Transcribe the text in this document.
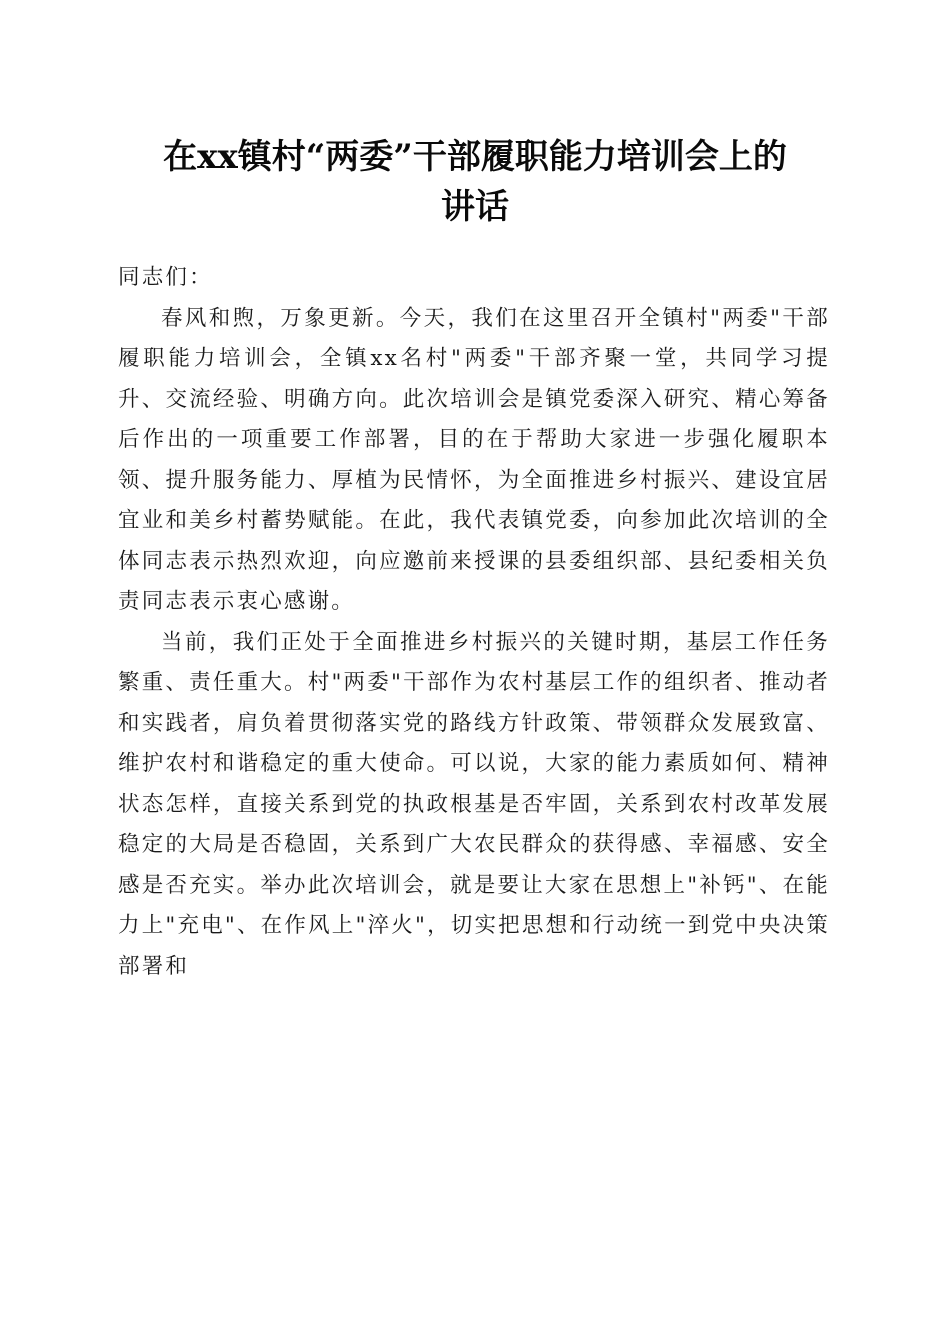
在xx镇村“两委”干部履职能力培训会上的
讲话

同志们：

春风和煦，万象更新。今天，我们在这里召开全镇村"两委"干部履职能力培训会，全镇xx名村"两委"干部齐聚一堂，共同学习提升、交流经验、明确方向。此次培训会是镇党委深入研究、精心筹备后作出的一项重要工作部署，目的在于帮助大家进一步强化履职本领、提升服务能力、厚植为民情怀，为全面推进乡村振兴、建设宜居宜业和美乡村蓄势赋能。在此，我代表镇党委，向参加此次培训的全体同志表示热烈欢迎，向应邀前来授课的县委组织部、县纪委相关负责同志表示衷心感谢。

当前，我们正处于全面推进乡村振兴的关键时期，基层工作任务繁重、责任重大。村"两委"干部作为农村基层工作的组织者、推动者和实践者，肩负着贯彻落实党的路线方针政策、带领群众发展致富、维护农村和谐稳定的重大使命。可以说，大家的能力素质如何、精神状态怎样，直接关系到党的执政根基是否牢固，关系到农村改革发展稳定的大局是否稳固，关系到广大农民群众的获得感、幸福感、安全感是否充实。举办此次培训会，就是要让大家在思想上"补钙"、在能力上"充电"、在作风上"淬火"，切实把思想和行动统一到党中央决策部署和
